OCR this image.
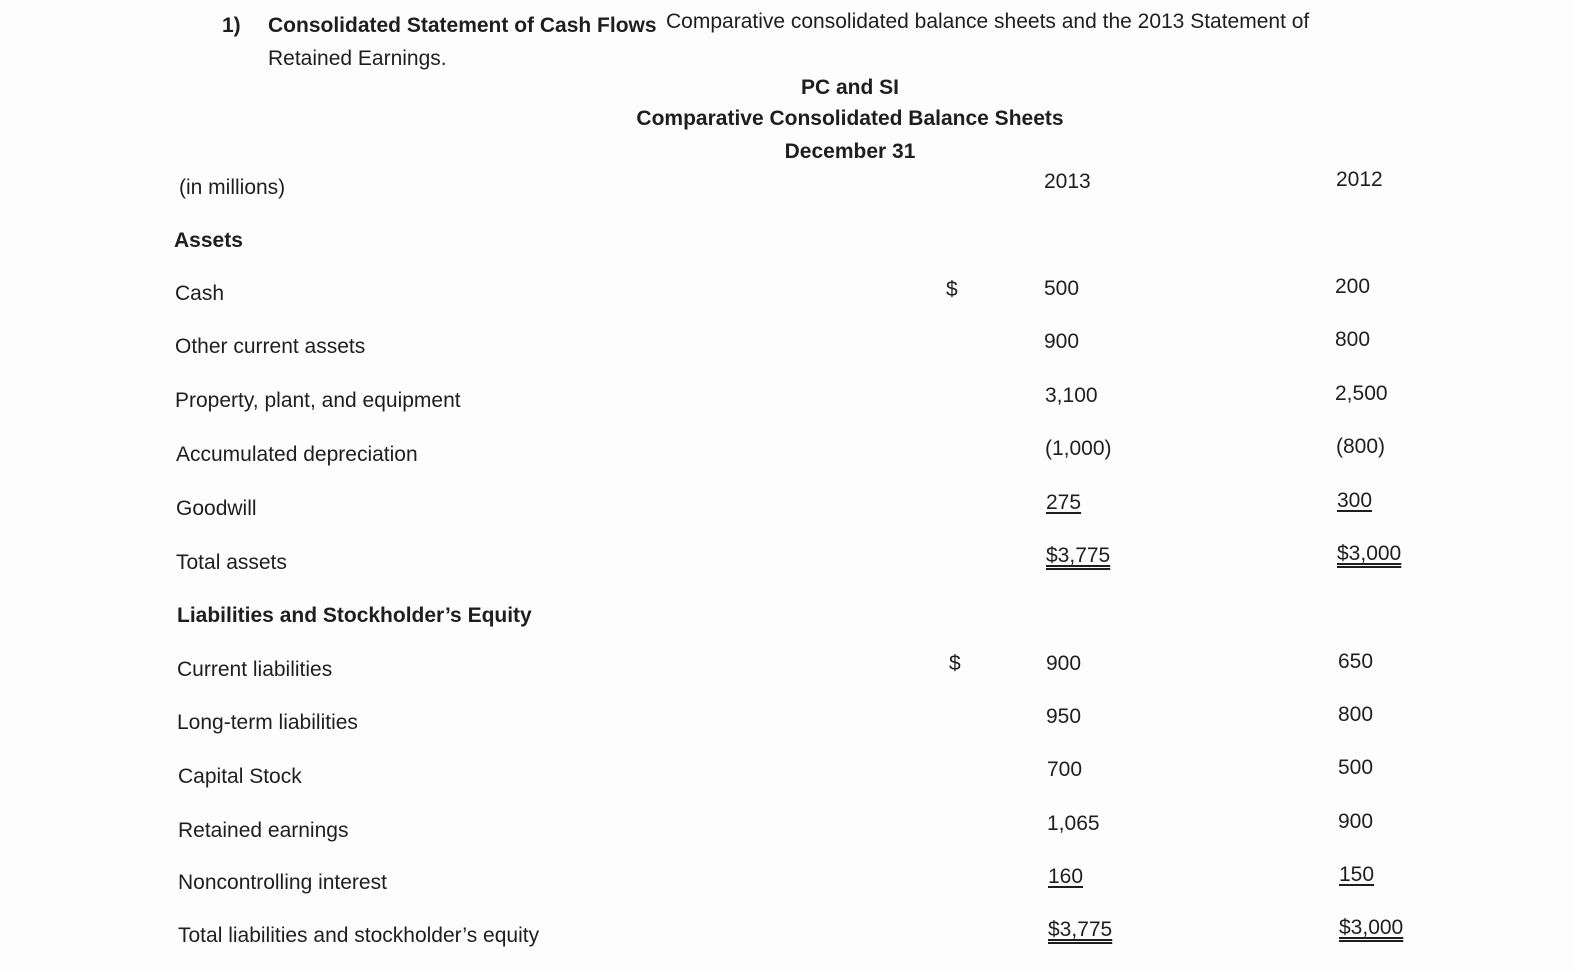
1) Consolidated Statement of Cash Flows Comparative consolidated balance sheets and the 2013 Statement of
Retained Earnings.
PC and SI
Comparative Consolidated Balance Sheets
December 31
(in millions)	2013	2012
Assets
Cash	$	500	200
Other current assets	900	800
Property, plant, and equipment	3,100	2,500
Accumulated depreciation	(1,000)	(800)
Goodwill	275	300
Total assets	$3,775	$3,000
Liabilities and Stockholder’s Equity
Current liabilities	$	900	650
Long-term liabilities	950	800
Capital Stock	700	500
Retained earnings	1,065	900
Noncontrolling interest	160	150
Total liabilities and stockholder’s equity	$3,775	$3,000
